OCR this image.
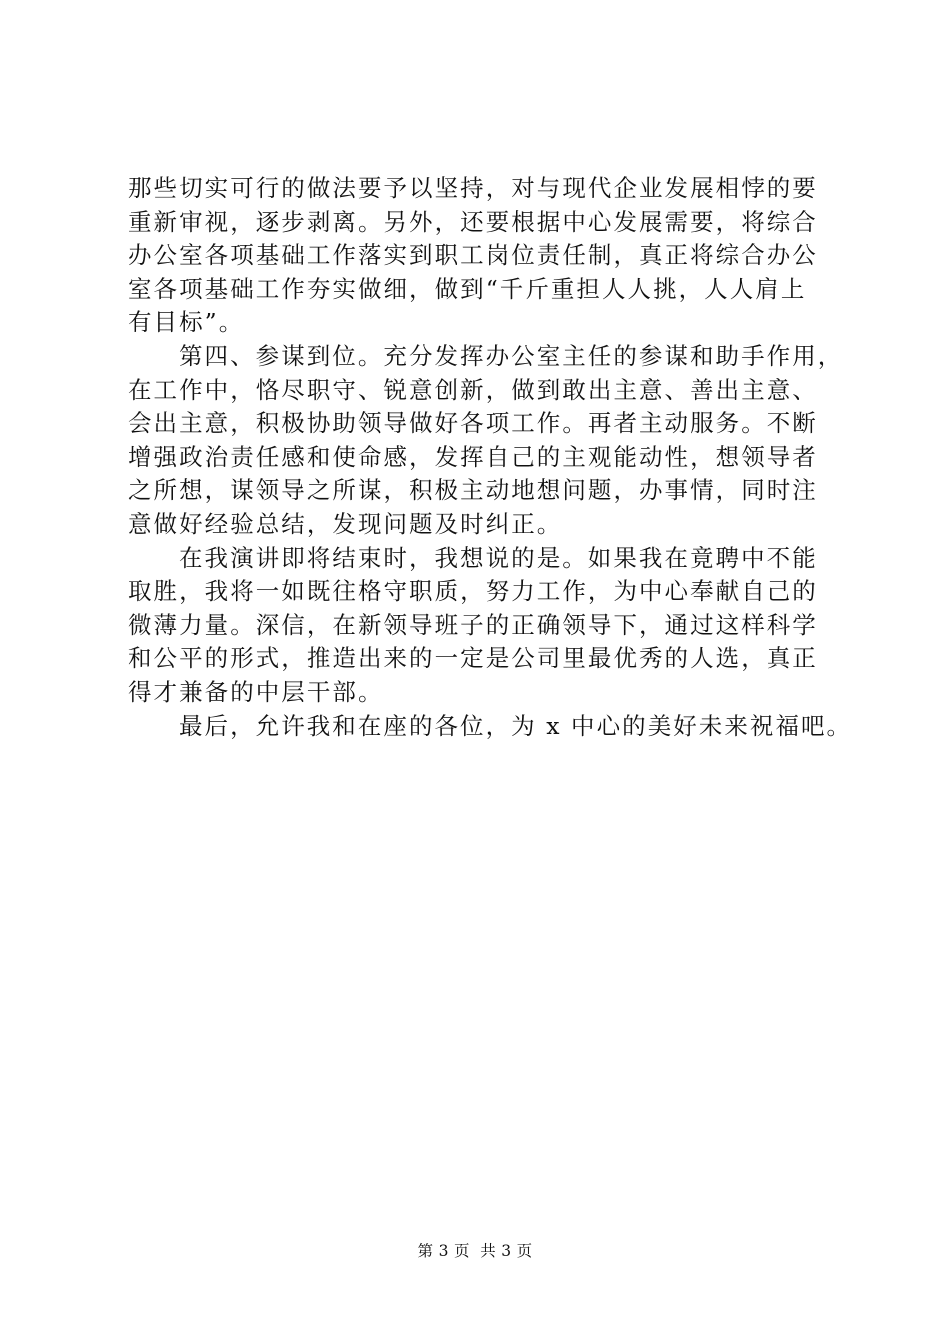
那些切实可行的做法要予以坚持，对与现代企业发展相悖的要
重新审视，逐步剥离。另外，还要根据中心发展需要，将综合
办公室各项基础工作落实到职工岗位责任制，真正将综合办公
室各项基础工作夯实做细，做到“千斤重担人人挑，人人肩上
有目标”。
第四、参谋到位。充分发挥办公室主任的参谋和助手作用，
在工作中，恪尽职守、锐意创新，做到敢出主意、善出主意、
会出主意，积极协助领导做好各项工作。再者主动服务。不断
增强政治责任感和使命感，发挥自己的主观能动性，想领导者
之所想，谋领导之所谋，积极主动地想问题，办事情，同时注
意做好经验总结，发现问题及时纠正。
在我演讲即将结束时，我想说的是。如果我在竟聘中不能
取胜，我将一如既往格守职质，努力工作，为中心奉献自己的
微薄力量。深信，在新领导班子的正确领导下，通过这样科学
和公平的形式，推造出来的一定是公司里最优秀的人选，真正
得才兼备的中层干部。
最后，允许我和在座的各位，为 x 中心的美好未来祝福吧。
第 3 页  共 3 页
